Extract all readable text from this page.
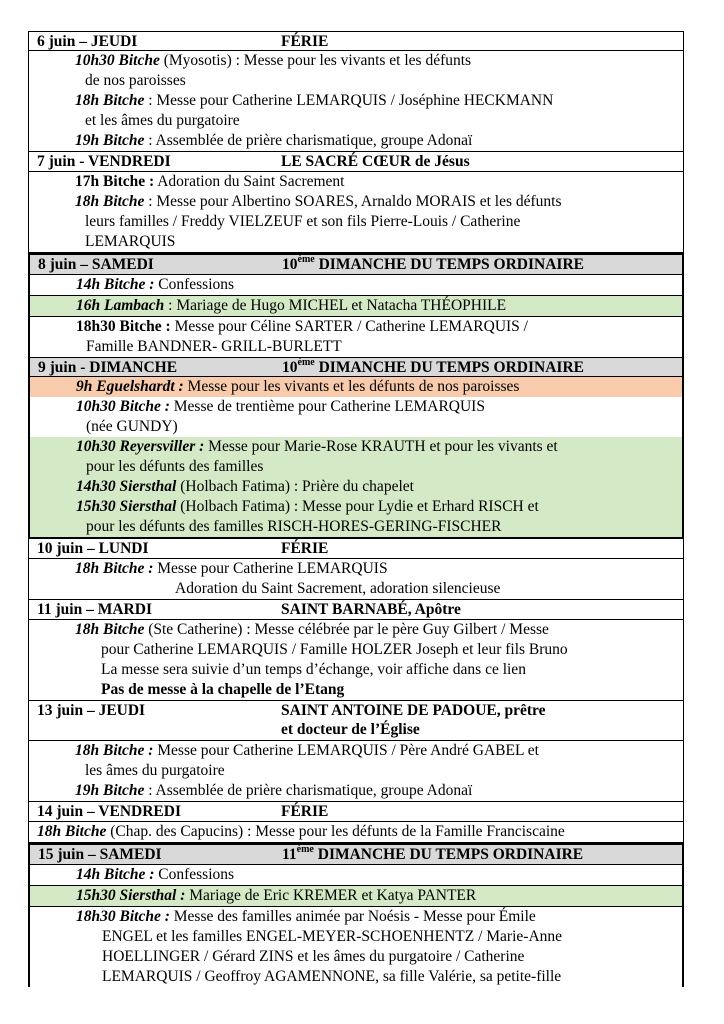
6 juin – JEUDI	FÉRIE
10h30 Bitche (Myosotis) : Messe pour les vivants et les défunts
de nos paroisses
18h Bitche : Messe pour Catherine LEMARQUIS / Joséphine HECKMANN
et les âmes du purgatoire
19h Bitche : Assemblée de prière charismatique, groupe Adonaï
7 juin - VENDREDI	LE SACRÉ CŒUR de Jésus
17h Bitche : Adoration du Saint Sacrement
18h Bitche : Messe pour Albertino SOARES, Arnaldo MORAIS et les défunts
leurs familles / Freddy VIELZEUF et son fils Pierre-Louis / Catherine
LEMARQUIS
8 juin – SAMEDI	10ème DIMANCHE DU TEMPS ORDINAIRE
14h Bitche : Confessions
16h Lambach : Mariage de Hugo MICHEL et Natacha THÉOPHILE
18h30 Bitche : Messe pour Céline SARTER / Catherine LEMARQUIS /
Famille BANDNER- GRILL-BURLETT
9 juin - DIMANCHE	10ème DIMANCHE DU TEMPS ORDINAIRE
9h Eguelshardt : Messe pour les vivants et les défunts de nos paroisses
10h30 Bitche : Messe de trentième pour Catherine LEMARQUIS
(née GUNDY)
10h30 Reyersviller : Messe pour Marie-Rose KRAUTH et pour les vivants et
pour les défunts des familles
14h30 Siersthal (Holbach Fatima) : Prière du chapelet
15h30 Siersthal (Holbach Fatima) : Messe pour Lydie et Erhard RISCH et
pour les défunts des familles RISCH-HORES-GERING-FISCHER
10 juin – LUNDI	FÉRIE
18h Bitche : Messe pour Catherine LEMARQUIS
Adoration du Saint Sacrement, adoration silencieuse
11 juin – MARDI	SAINT BARNABÉ, Apôtre
18h Bitche (Ste Catherine) : Messe célébrée par le père Guy Gilbert / Messe
pour Catherine LEMARQUIS / Famille HOLZER Joseph et leur fils Bruno
La messe sera suivie d’un temps d’échange, voir affiche dans ce lien
Pas de messe à la chapelle de l’Etang
13 juin – JEUDI	SAINT ANTOINE DE PADOUE, prêtre
et docteur de l’Église
18h Bitche : Messe pour Catherine LEMARQUIS / Père André GABEL et
les âmes du purgatoire
19h Bitche : Assemblée de prière charismatique, groupe Adonaï
14 juin – VENDREDI	FÉRIE
18h Bitche (Chap. des Capucins) : Messe pour les défunts de la Famille Franciscaine
15 juin – SAMEDI	11ème DIMANCHE DU TEMPS ORDINAIRE
14h Bitche : Confessions
15h30 Siersthal : Mariage de Eric KREMER et Katya PANTER
18h30 Bitche : Messe des familles animée par Noésis - Messe pour Émile
ENGEL et les familles ENGEL-MEYER-SCHOENHENTZ / Marie-Anne
HOELLINGER / Gérard ZINS et les âmes du purgatoire / Catherine
LEMARQUIS / Geoffroy AGAMENNONE, sa fille Valérie, sa petite-fille
